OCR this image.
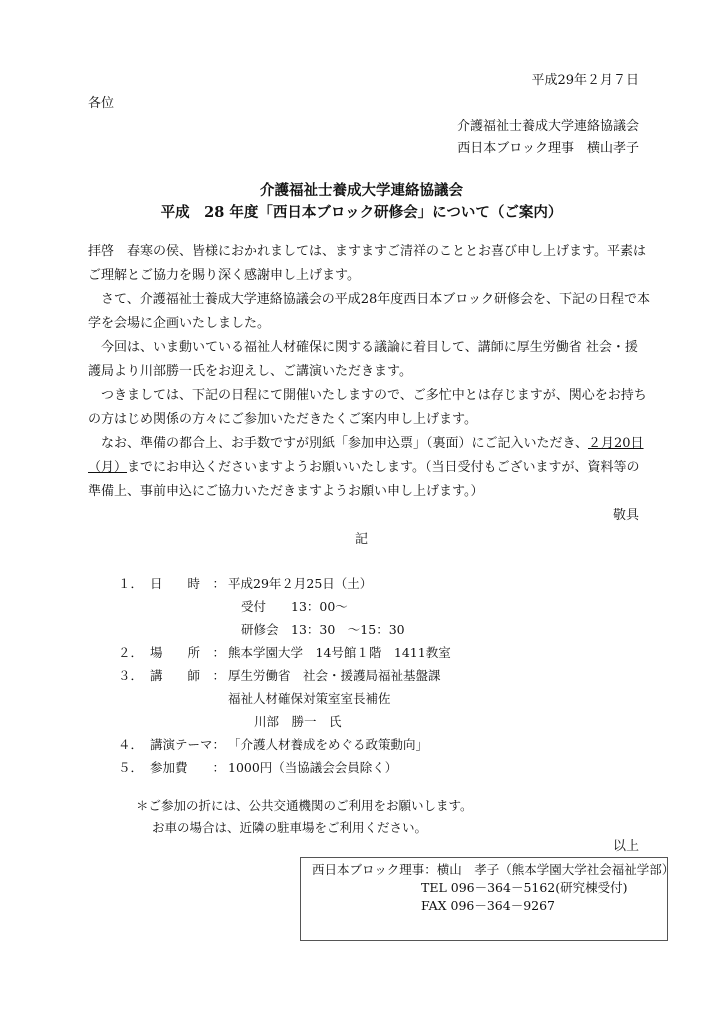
平成29年２月７日
各位
介護福祉士養成大学連絡協議会
西日本ブロック理事　横山孝子
介護福祉士養成大学連絡協議会
平成　28 年度「西日本ブロック研修会」について（ご案内）
拝啓　春寒の侯、皆様におかれましては、ますますご清祥のこととお喜び申し上げます。平素は
ご理解とご協力を賜り深く感謝申し上げます。
さて、介護福祉士養成大学連絡協議会の平成28年度西日本ブロック研修会を、下記の日程で本
学を会場に企画いたしました。
今回は、いま動いている福祉人材確保に関する議論に着目して、講師に厚生労働省 社会・援
護局より川部勝一氏をお迎えし、ご講演いただきます。
つきましては、下記の日程にて開催いたしますので、ご多忙中とは存じますが、関心をお持ち
の方はじめ関係の方々にご参加いただきたくご案内申し上げます。
なお、準備の都合上、お手数ですが別紙「参加申込票」（裏面）にご記入いただき、２月20日
（月）までにお申込くださいますようお願いいたします。（当日受付もございますが、資料等の
準備上、事前申込にご協力いただきますようお願い申し上げます。）
敬具
記
１． 日　　時　： 平成29年２月25日（土）
受付　　13：00～
研修会　13：30　～15：30
２． 場　　所　： 熊本学園大学　14号館１階　1411教室
３． 講　　師　： 厚生労働省　社会・援護局福祉基盤課
福祉人材確保対策室室長補佐
川部　勝一　氏
４． 講演テーマ： 「介護人材養成をめぐる政策動向」
５． 参加費　　： 1000円（当協議会会員除く）
＊ご参加の折には、公共交通機関のご利用をお願いします。
お車の場合は、近隣の駐車場をご利用ください。
以上
西日本ブロック理事：横山　孝子（熊本学園大学社会福祉学部）
TEL 096－364－5162(研究棟受付)
FAX 096－364－9267
